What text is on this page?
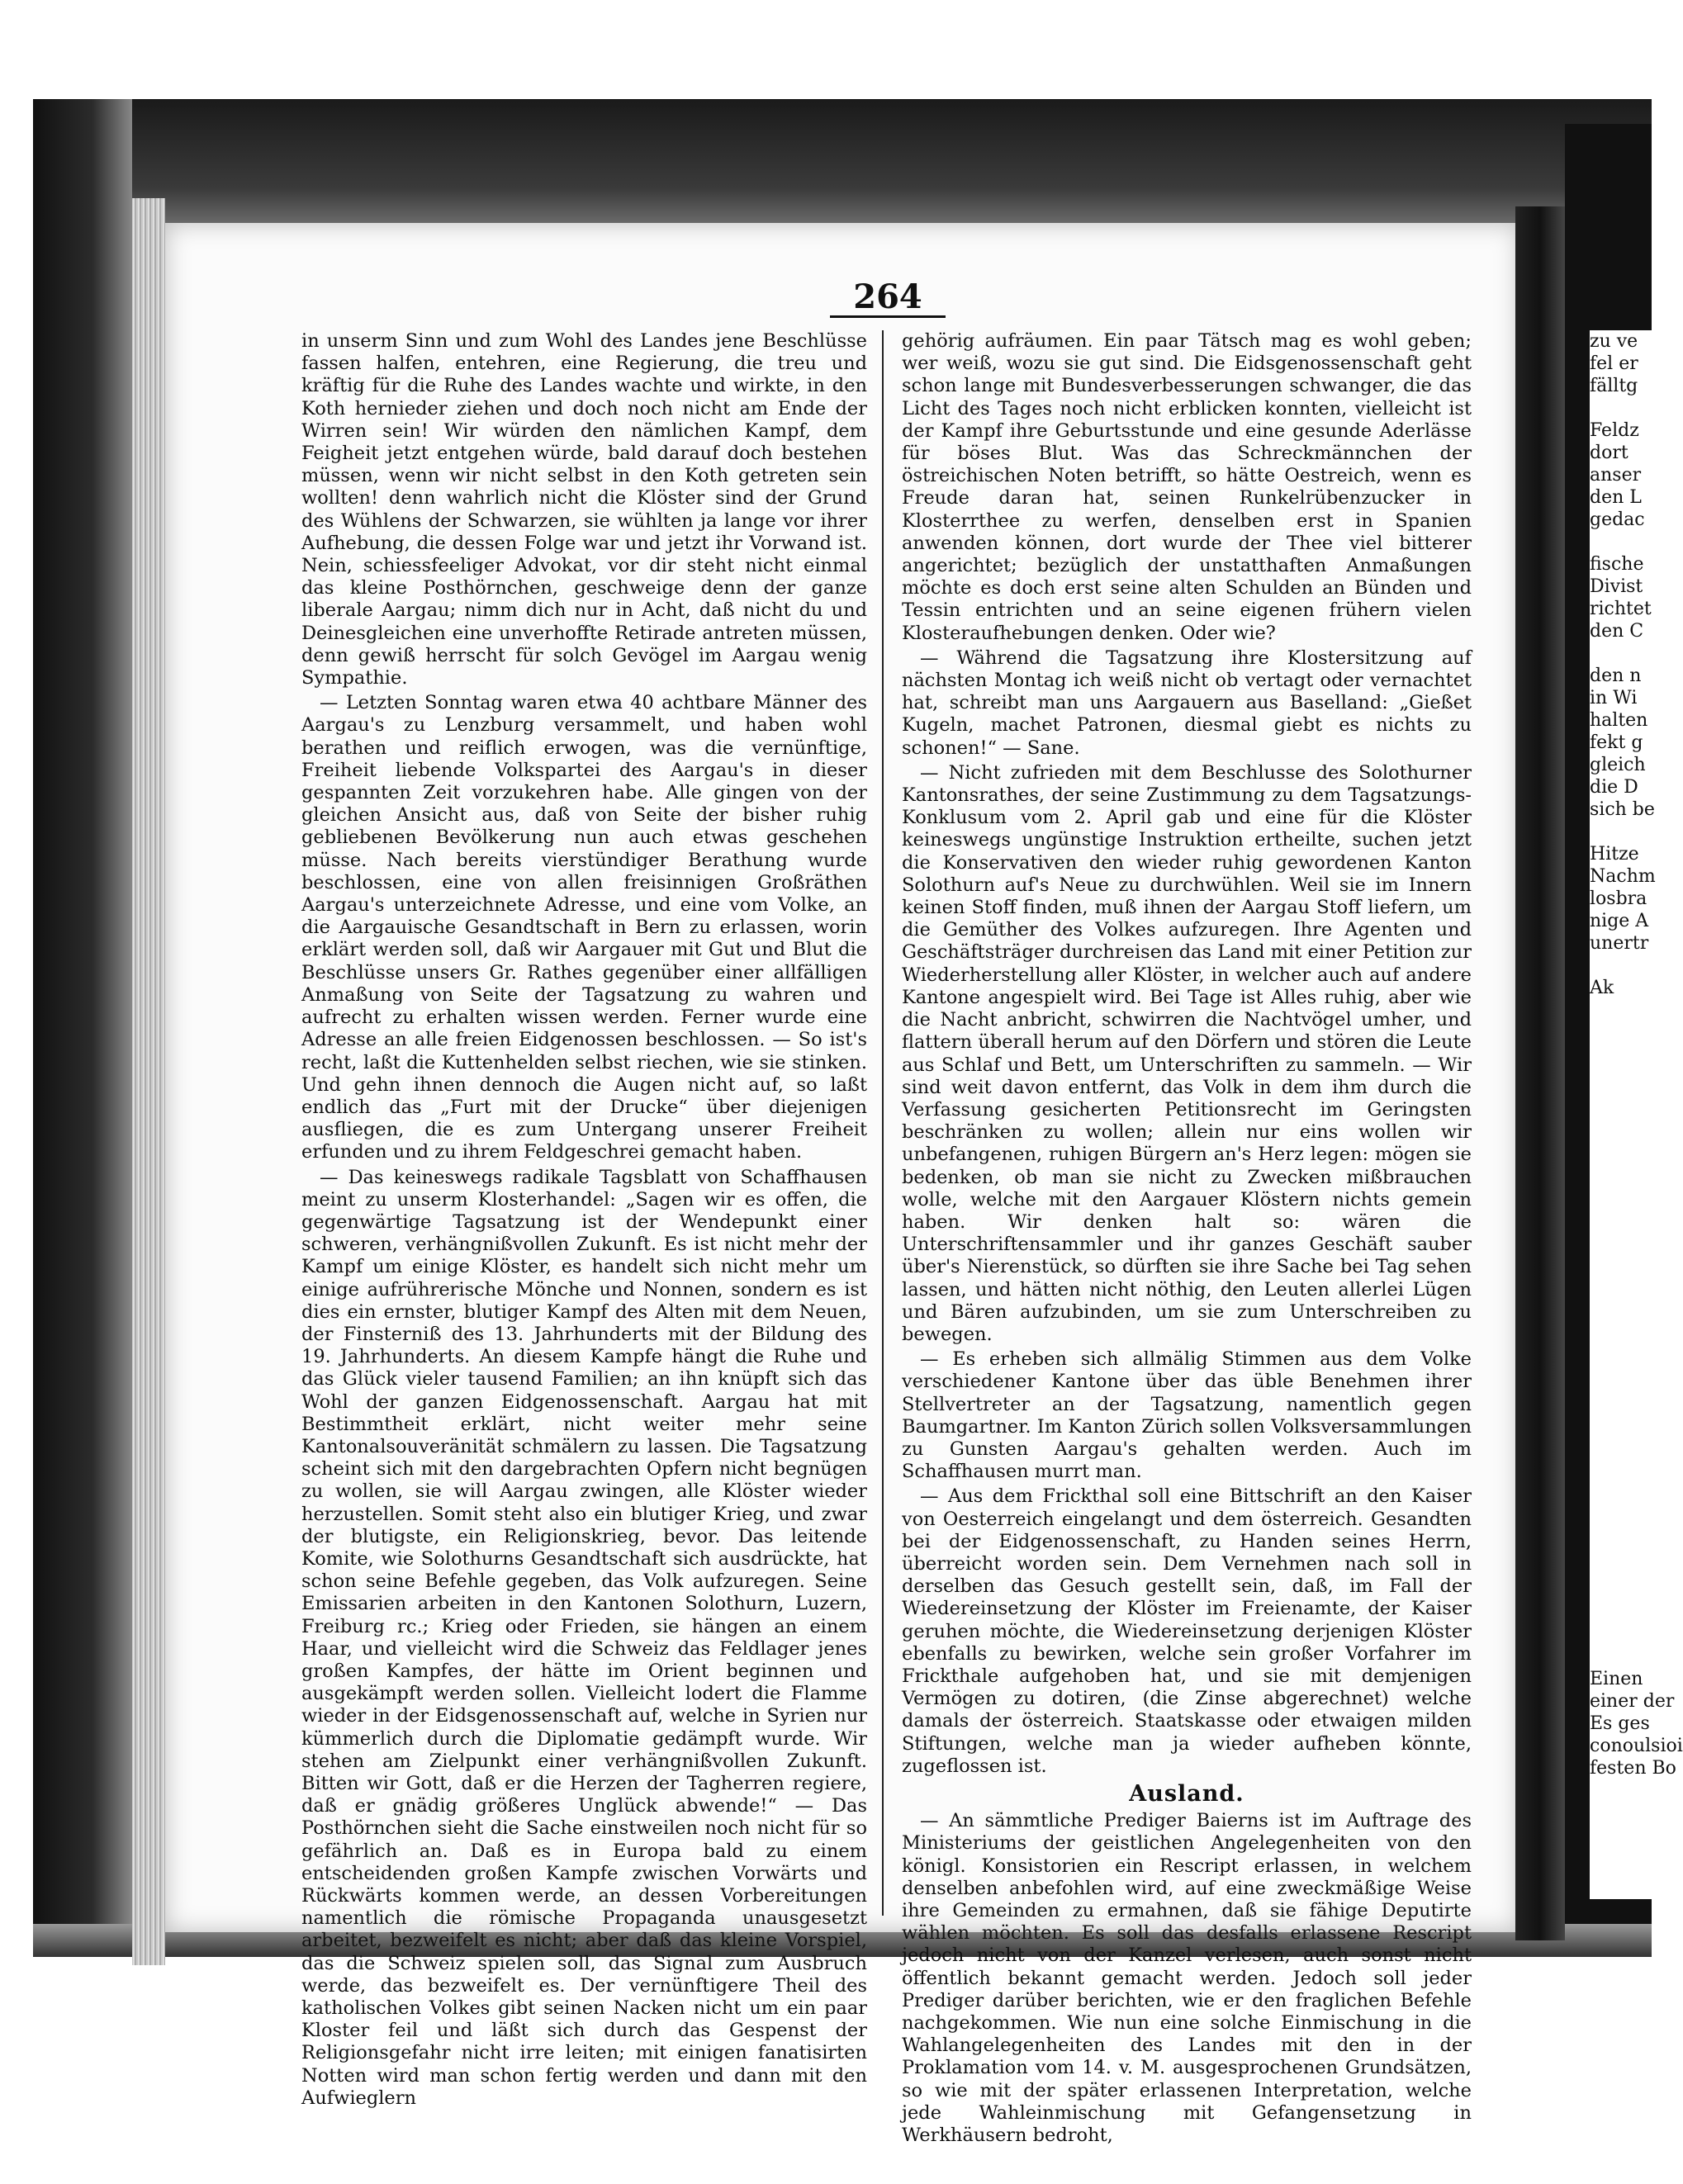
264

in unserm Sinn und zum Wohl des Landes jene Beschlüsse fassen halfen, entehren, eine Regierung, die treu und kräftig für die Ruhe des Landes wachte und wirkte, in den Koth hernieder ziehen und doch noch nicht am Ende der Wirren sein! Wir würden den nämlichen Kampf, dem Feigheit jetzt entgehen würde, bald darauf doch bestehen müssen, wenn wir nicht selbst in den Koth getreten sein wollten! denn wahrlich nicht die Klöster sind der Grund des Wühlens der Schwarzen, sie wühlten ja lange vor ihrer Aufhebung, die dessen Folge war und jetzt ihr Vorwand ist. Nein, schiessfeeliger Advokat, vor dir steht nicht einmal das kleine Posthörnchen, geschweige denn der ganze liberale Aargau; nimm dich nur in Acht, daß nicht du und Deinesgleichen eine unverhoffte Retirade antreten müssen, denn gewiß herrscht für solch Gevögel im Aargau wenig Sympathie.

— Letzten Sonntag waren etwa 40 achtbare Männer des Aargau's zu Lenzburg versammelt, und haben wohl berathen und reiflich erwogen, was die vernünftige, Freiheit liebende Volkspartei des Aargau's in dieser gespannten Zeit vorzukehren habe. Alle gingen von der gleichen Ansicht aus, daß von Seite der bisher ruhig gebliebenen Bevölkerung nun auch etwas geschehen müsse. Nach bereits vierstündiger Berathung wurde beschlossen, eine von allen freisinnigen Großräthen Aargau's unterzeichnete Adresse, und eine vom Volke, an die Aargauische Gesandtschaft in Bern zu erlassen, worin erklärt werden soll, daß wir Aargauer mit Gut und Blut die Beschlüsse unsers Gr. Rathes gegenüber einer allfälligen Anmaßung von Seite der Tagsatzung zu wahren und aufrecht zu erhalten wissen werden. Ferner wurde eine Adresse an alle freien Eidgenossen beschlossen. — So ist's recht, laßt die Kuttenhelden selbst riechen, wie sie stinken. Und gehn ihnen dennoch die Augen nicht auf, so laßt endlich das „Furt mit der Drucke“ über diejenigen ausfliegen, die es zum Untergang unserer Freiheit erfunden und zu ihrem Feldgeschrei gemacht haben.

— Das keineswegs radikale Tagsblatt von Schaffhausen meint zu unserm Klosterhandel: „Sagen wir es offen, die gegenwärtige Tagsatzung ist der Wendepunkt einer schweren, verhängnißvollen Zukunft. Es ist nicht mehr der Kampf um einige Klöster, es handelt sich nicht mehr um einige aufrührerische Mönche und Nonnen, sondern es ist dies ein ernster, blutiger Kampf des Alten mit dem Neuen, der Finsterniß des 13. Jahrhunderts mit der Bildung des 19. Jahrhunderts. An diesem Kampfe hängt die Ruhe und das Glück vieler tausend Familien; an ihn knüpft sich das Wohl der ganzen Eidgenossenschaft. Aargau hat mit Bestimmtheit erklärt, nicht weiter mehr seine Kantonalsouveränität schmälern zu lassen. Die Tagsatzung scheint sich mit den dargebrachten Opfern nicht begnügen zu wollen, sie will Aargau zwingen, alle Klöster wieder herzustellen. Somit steht also ein blutiger Krieg, und zwar der blutigste, ein Religionskrieg, bevor. Das leitende Komite, wie Solothurns Gesandtschaft sich ausdrückte, hat schon seine Befehle gegeben, das Volk aufzuregen. Seine Emissarien arbeiten in den Kantonen Solothurn, Luzern, Freiburg rc.; Krieg oder Frieden, sie hängen an einem Haar, und vielleicht wird die Schweiz das Feldlager jenes großen Kampfes, der hätte im Orient beginnen und ausgekämpft werden sollen. Vielleicht lodert die Flamme wieder in der Eidsgenossenschaft auf, welche in Syrien nur kümmerlich durch die Diplomatie gedämpft wurde. Wir stehen am Zielpunkt einer verhängnißvollen Zukunft. Bitten wir Gott, daß er die Herzen der Tagherren regiere, daß er gnädig größeres Unglück abwende!“ — Das Posthörnchen sieht die Sache einstweilen noch nicht für so gefährlich an. Daß es in Europa bald zu einem entscheidenden großen Kampfe zwischen Vorwärts und Rückwärts kommen werde, an dessen Vorbereitungen namentlich die römische Propaganda unausgesetzt arbeitet, bezweifelt es nicht; aber daß das kleine Vorspiel, das die Schweiz spielen soll, das Signal zum Ausbruch werde, das bezweifelt es. Der vernünftigere Theil des katholischen Volkes gibt seinen Nacken nicht um ein paar Kloster feil und läßt sich durch das Gespenst der Religionsgefahr nicht irre leiten; mit einigen fanatisirten Notten wird man schon fertig werden und dann mit den Aufwieglern

gehörig aufräumen. Ein paar Tätsch mag es wohl geben; wer weiß, wozu sie gut sind. Die Eidsgenossenschaft geht schon lange mit Bundesverbesserungen schwanger, die das Licht des Tages noch nicht erblicken konnten, vielleicht ist der Kampf ihre Geburtsstunde und eine gesunde Aderlässe für böses Blut. Was das Schreckmännchen der östreichischen Noten betrifft, so hätte Oestreich, wenn es Freude daran hat, seinen Runkelrübenzucker in Klosterrthee zu werfen, denselben erst in Spanien anwenden können, dort wurde der Thee viel bitterer angerichtet; bezüglich der unstatthaften Anmaßungen möchte es doch erst seine alten Schulden an Bünden und Tessin entrichten und an seine eigenen frühern vielen Klosteraufhebungen denken. Oder wie?

— Während die Tagsatzung ihre Klostersitzung auf nächsten Montag ich weiß nicht ob vertagt oder vernachtet hat, schreibt man uns Aargauern aus Baselland: „Gießet Kugeln, machet Patronen, diesmal giebt es nichts zu schonen!“ — Sane.

— Nicht zufrieden mit dem Beschlusse des Solothurner Kantonsrathes, der seine Zustimmung zu dem Tagsatzungs-Konklusum vom 2. April gab und eine für die Klöster keineswegs ungünstige Instruktion ertheilte, suchen jetzt die Konservativen den wieder ruhig gewordenen Kanton Solothurn auf's Neue zu durchwühlen. Weil sie im Innern keinen Stoff finden, muß ihnen der Aargau Stoff liefern, um die Gemüther des Volkes aufzuregen. Ihre Agenten und Geschäftsträger durchreisen das Land mit einer Petition zur Wiederherstellung aller Klöster, in welcher auch auf andere Kantone angespielt wird. Bei Tage ist Alles ruhig, aber wie die Nacht anbricht, schwirren die Nachtvögel umher, und flattern überall herum auf den Dörfern und stören die Leute aus Schlaf und Bett, um Unterschriften zu sammeln. — Wir sind weit davon entfernt, das Volk in dem ihm durch die Verfassung gesicherten Petitionsrecht im Geringsten beschränken zu wollen; allein nur eins wollen wir unbefangenen, ruhigen Bürgern an's Herz legen: mögen sie bedenken, ob man sie nicht zu Zwecken mißbrauchen wolle, welche mit den Aargauer Klöstern nichts gemein haben. Wir denken halt so: wären die Unterschriftensammler und ihr ganzes Geschäft sauber über's Nierenstück, so dürften sie ihre Sache bei Tag sehen lassen, und hätten nicht nöthig, den Leuten allerlei Lügen und Bären aufzubinden, um sie zum Unterschreiben zu bewegen.

— Es erheben sich allmälig Stimmen aus dem Volke verschiedener Kantone über das üble Benehmen ihrer Stellvertreter an der Tagsatzung, namentlich gegen Baumgartner. Im Kanton Zürich sollen Volksversammlungen zu Gunsten Aargau's gehalten werden. Auch im Schaffhausen murrt man.

— Aus dem Frickthal soll eine Bittschrift an den Kaiser von Oesterreich eingelangt und dem österreich. Gesandten bei der Eidgenossenschaft, zu Handen seines Herrn, überreicht worden sein. Dem Vernehmen nach soll in derselben das Gesuch gestellt sein, daß, im Fall der Wiedereinsetzung der Klöster im Freienamte, der Kaiser geruhen möchte, die Wiedereinsetzung derjenigen Klöster ebenfalls zu bewirken, welche sein großer Vorfahrer im Frickthale aufgehoben hat, und sie mit demjenigen Vermögen zu dotiren, (die Zinse abgerechnet) welche damals der österreich. Staatskasse oder etwaigen milden Stiftungen, welche man ja wieder aufheben könnte, zugeflossen ist.

Ausland.

— An sämmtliche Prediger Baierns ist im Auftrage des Ministeriums der geistlichen Angelegenheiten von den königl. Konsistorien ein Rescript erlassen, in welchem denselben anbefohlen wird, auf eine zweckmäßige Weise ihre Gemeinden zu ermahnen, daß sie fähige Deputirte wählen möchten. Es soll das desfalls erlassene Rescript jedoch nicht von der Kanzel verlesen, auch sonst nicht öffentlich bekannt gemacht werden. Jedoch soll jeder Prediger darüber berichten, wie er den fraglichen Befehle nachgekommen. Wie nun eine solche Einmischung in die Wahlangelegenheiten des Landes mit den in der Proklamation vom 14. v. M. ausgesprochenen Grundsätzen, so wie mit der später erlassenen Interpretation, welche jede Wahleinmischung mit Gefangensetzung in Werkhäusern bedroht,

zu ve
fel er
fälltg

Feldz
dort
anser
den L
gedac

fische
Divist
richtet
den C

den n
in Wi
halten
fekt g
gleich
die D
sich be

Hitze
Nachm
losbra
nige A
unertr

Ak

Einen
einer der
Es ges
conoulsioi
festen Bo
